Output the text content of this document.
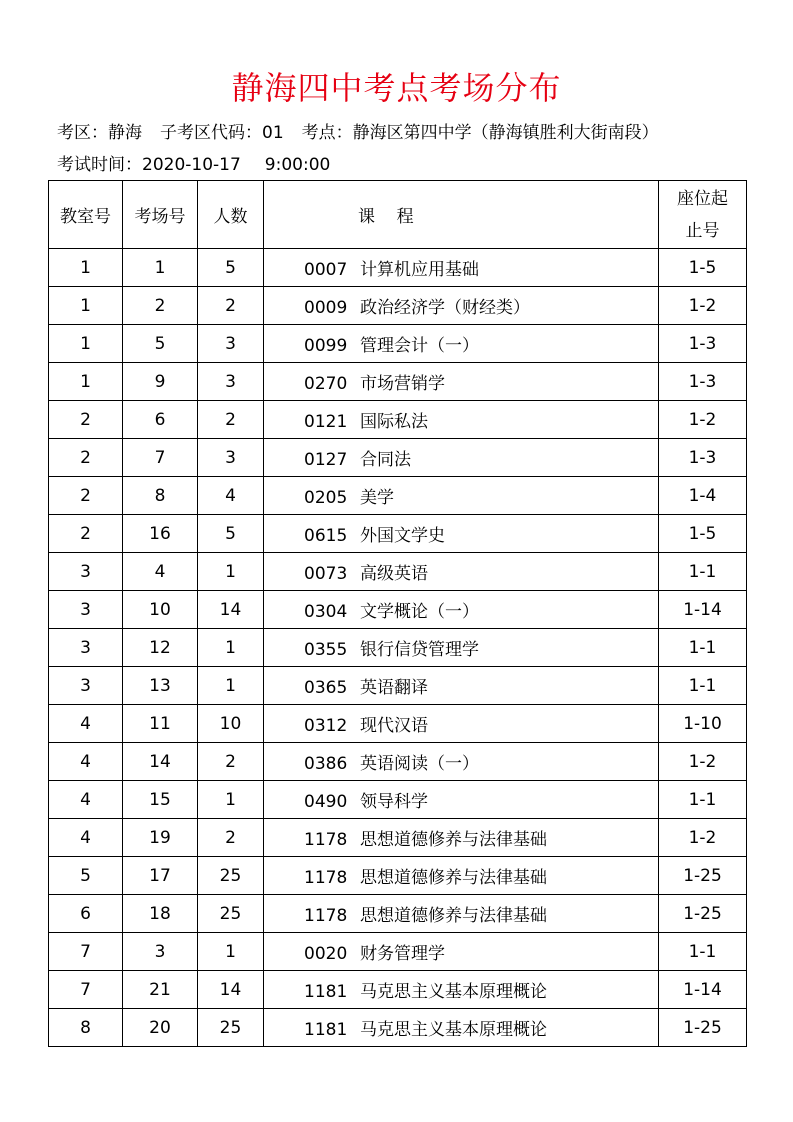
静海四中考点考场分布
考区：静海 子考区代码：01 考点：静海区第四中学（静海镇胜利大街南段）
考试时间：2020-10-17 9:00:00
教室号	考场号	人数	课    程	座位起
止号
1	1	5	0007 计算机应用基础	1-5
1	2	2	0009 政治经济学（财经类）	1-2
1	5	3	0099 管理会计（一）	1-3
1	9	3	0270 市场营销学	1-3
2	6	2	0121 国际私法	1-2
2	7	3	0127 合同法	1-3
2	8	4	0205 美学	1-4
2	16	5	0615 外国文学史	1-5
3	4	1	0073 高级英语	1-1
3	10	14	0304 文学概论（一）	1-14
3	12	1	0355 银行信贷管理学	1-1
3	13	1	0365 英语翻译	1-1
4	11	10	0312 现代汉语	1-10
4	14	2	0386 英语阅读（一）	1-2
4	15	1	0490 领导科学	1-1
4	19	2	1178 思想道德修养与法律基础	1-2
5	17	25	1178 思想道德修养与法律基础	1-25
6	18	25	1178 思想道德修养与法律基础	1-25
7	3	1	0020 财务管理学	1-1
7	21	14	1181 马克思主义基本原理概论	1-14
8	20	25	1181 马克思主义基本原理概论	1-25
